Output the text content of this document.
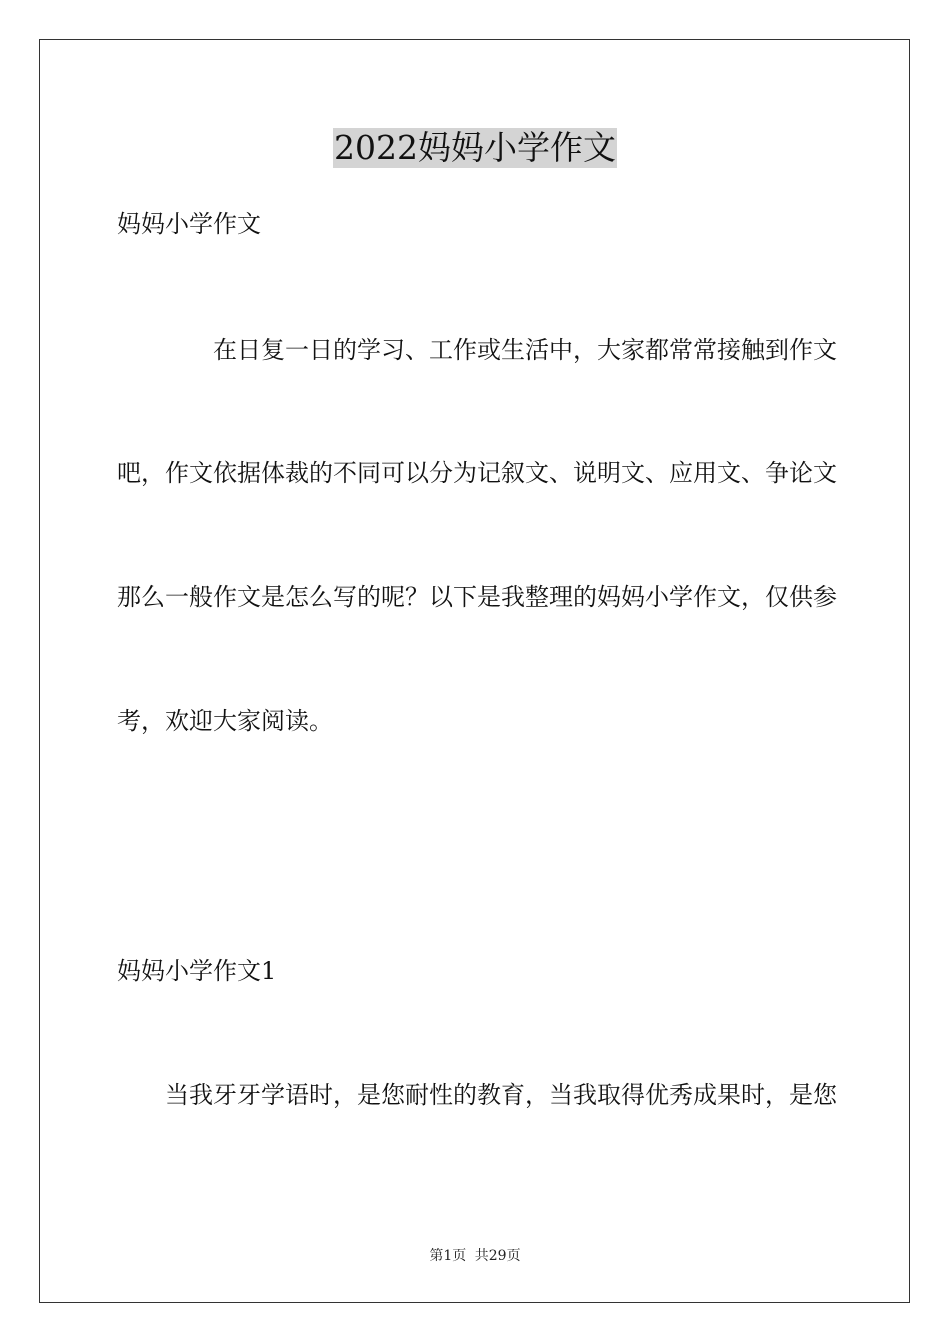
2022妈妈小学作文
妈妈小学作文
在日复一日的学习、工作或生活中，大家都常常接触到作文
吧，作文依据体裁的不同可以分为记叙文、说明文、应用文、争论文
那么一般作文是怎么写的呢？以下是我整理的妈妈小学作文，仅供参
考，欢迎大家阅读。
妈妈小学作文1
当我牙牙学语时，是您耐性的教育，当我取得优秀成果时，是您
第1页 共29页
